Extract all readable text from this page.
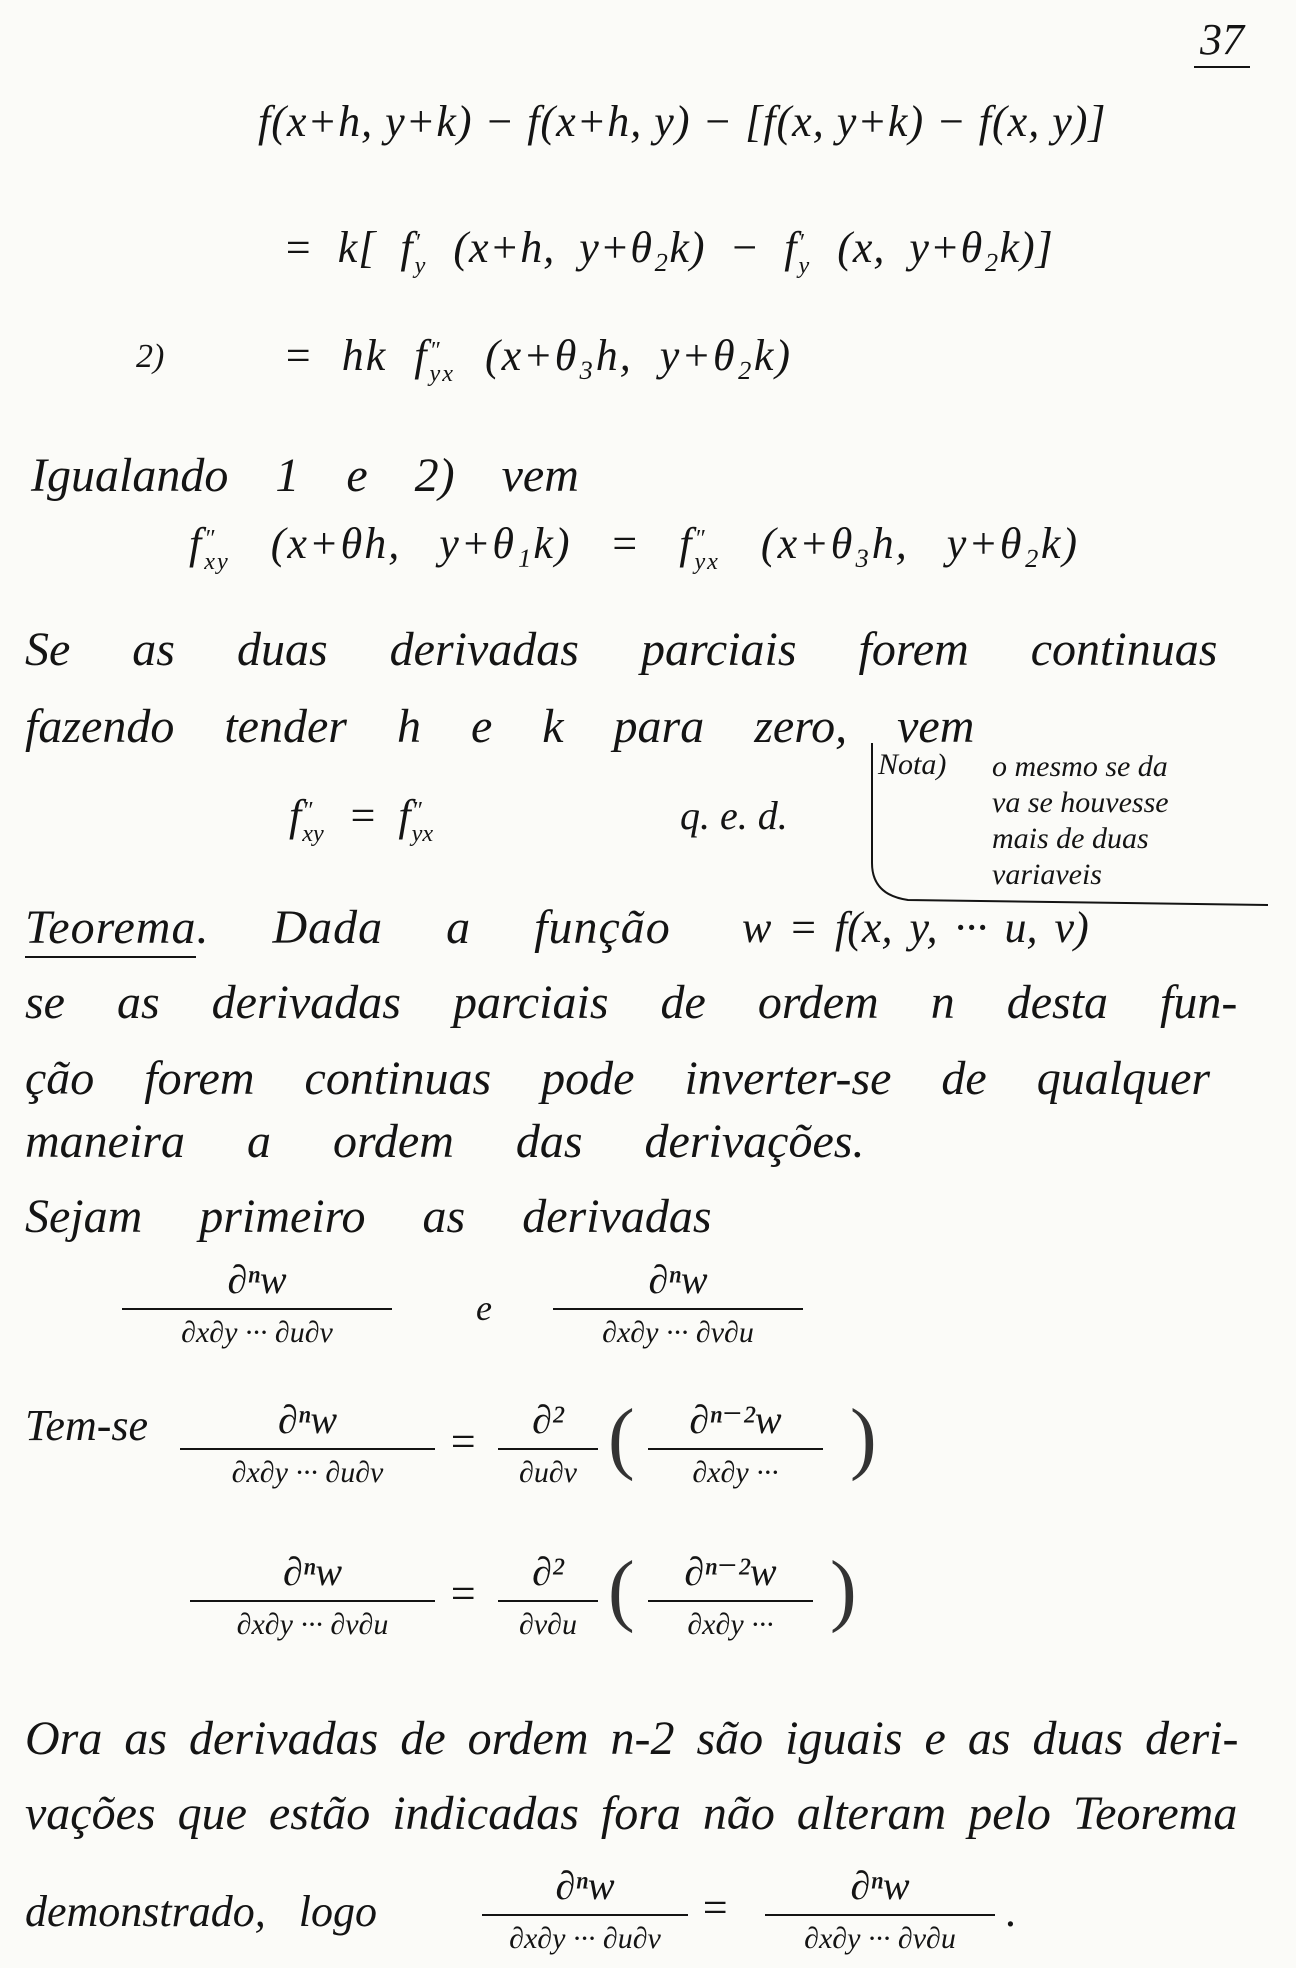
37
f(x+h, y+k) − f(x+h, y) − [f(x, y+k) − f(x, y)]
= k[ f ′
y (x+h, y+θ₂k) − f ′
y (x, y+θ₂k)]
2)	= hk f ″
yx (x+θ₃h, y+θ₂k)
Igualando 1 e 2) vem
f ″
xy (x+θh, y+θ₁k) = f ″
yx (x+θ₃h, y+θ₂k)
Se as duas derivadas parciais forem continuas
fazendo tender h e k para zero, vem
f ″
xy = f ″
yx	q. e. d.
Nota) o mesmo se da
va se houvesse
mais de duas
variaveis
Teorema. Dada a função w = f(x, y, ··· u, v)
se as derivadas parciais de ordem n desta fun-
ção forem continuas pode inverter-se de qualquer
maneira a ordem das derivações.
Sejam primeiro as derivadas
∂ⁿw
∂x∂y ··· ∂u∂v
e
∂ⁿw
∂x∂y ··· ∂v∂u
Tem-se	∂ⁿw
∂x∂y ··· ∂u∂v
= ∂²
∂u∂v ( ∂ⁿ⁻²w
∂x∂y ··· )
∂ⁿw
∂x∂y ··· ∂v∂u
= ∂²
∂v∂u ( ∂ⁿ⁻²w
∂x∂y ··· )
Ora as derivadas de ordem n-2 são iguais e as duas deri-
vações que estão indicadas fora não alteram pelo Teorema
demonstrado, logo
∂ⁿw
∂x∂y ··· ∂u∂v
=	∂ⁿw
∂x∂y ··· ∂v∂u
.
